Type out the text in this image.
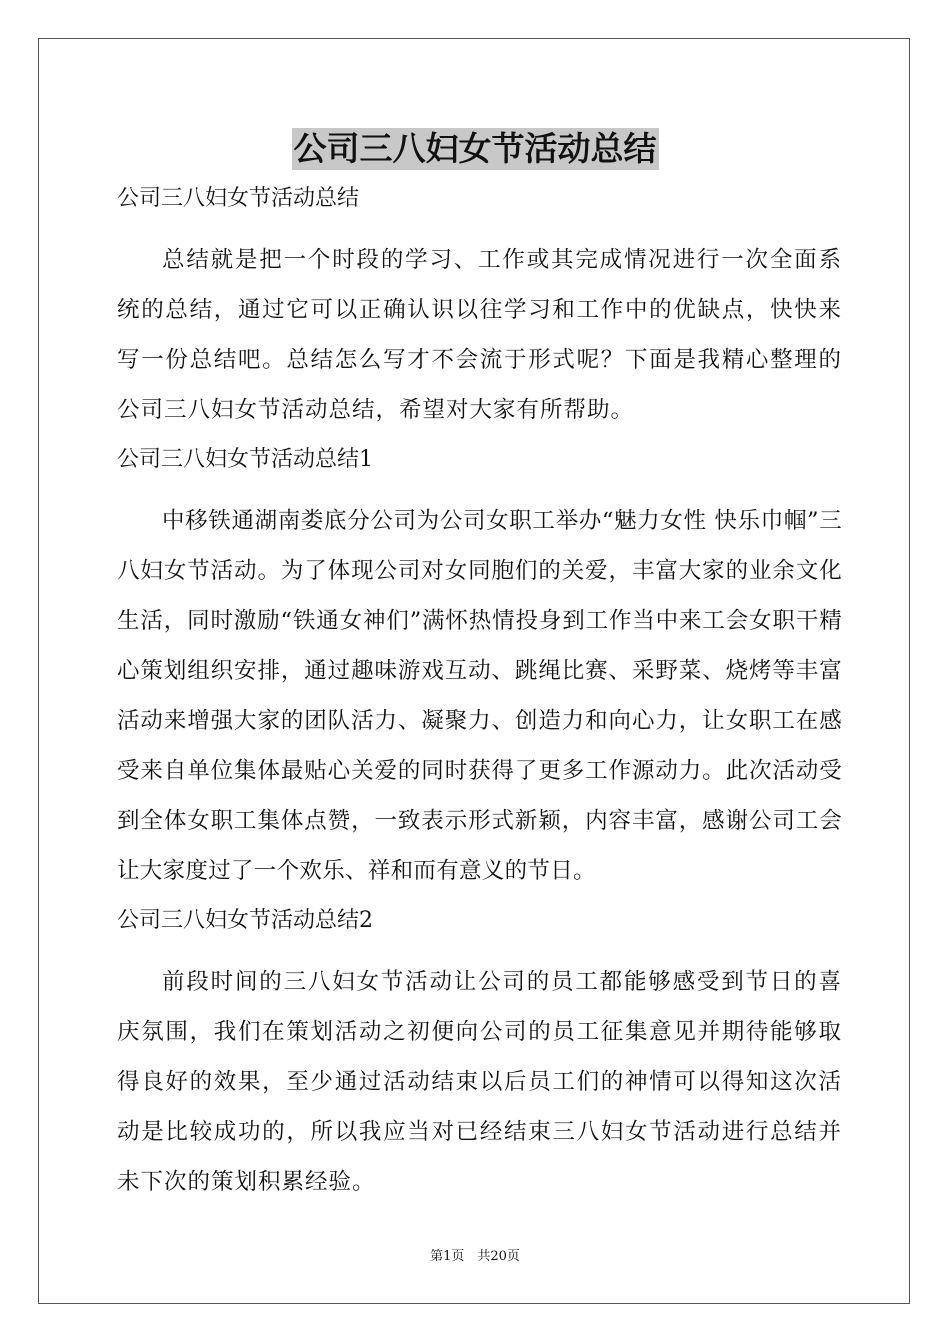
公司三八妇女节活动总结
公司三八妇女节活动总结

总结就是把一个时段的学习、工作或其完成情况进行一次全面系统的总结，通过它可以正确认识以往学习和工作中的优缺点，快快来写一份总结吧。总结怎么写才不会流于形式呢？下面是我精心整理的公司三八妇女节活动总结，希望对大家有所帮助。

公司三八妇女节活动总结1

中移铁通湖南娄底分公司为公司女职工举办“魅力女性 快乐巾帼”三八妇女节活动。为了体现公司对女同胞们的关爱，丰富大家的业余文化生活，同时激励“铁通女神们”满怀热情投身到工作当中来工会女职干精心策划组织安排，通过趣味游戏互动、跳绳比赛、采野菜、烧烤等丰富活动来增强大家的团队活力、凝聚力、创造力和向心力，让女职工在感受来自单位集体最贴心关爱的同时获得了更多工作源动力。此次活动受到全体女职工集体点赞，一致表示形式新颖，内容丰富，感谢公司工会让大家度过了一个欢乐、祥和而有意义的节日。

公司三八妇女节活动总结2

前段时间的三八妇女节活动让公司的员工都能够感受到节日的喜庆氛围，我们在策划活动之初便向公司的员工征集意见并期待能够取得良好的效果，至少通过活动结束以后员工们的神情可以得知这次活动是比较成功的，所以我应当对已经结束三八妇女节活动进行总结并未下次的策划积累经验。

第1页　共20页
